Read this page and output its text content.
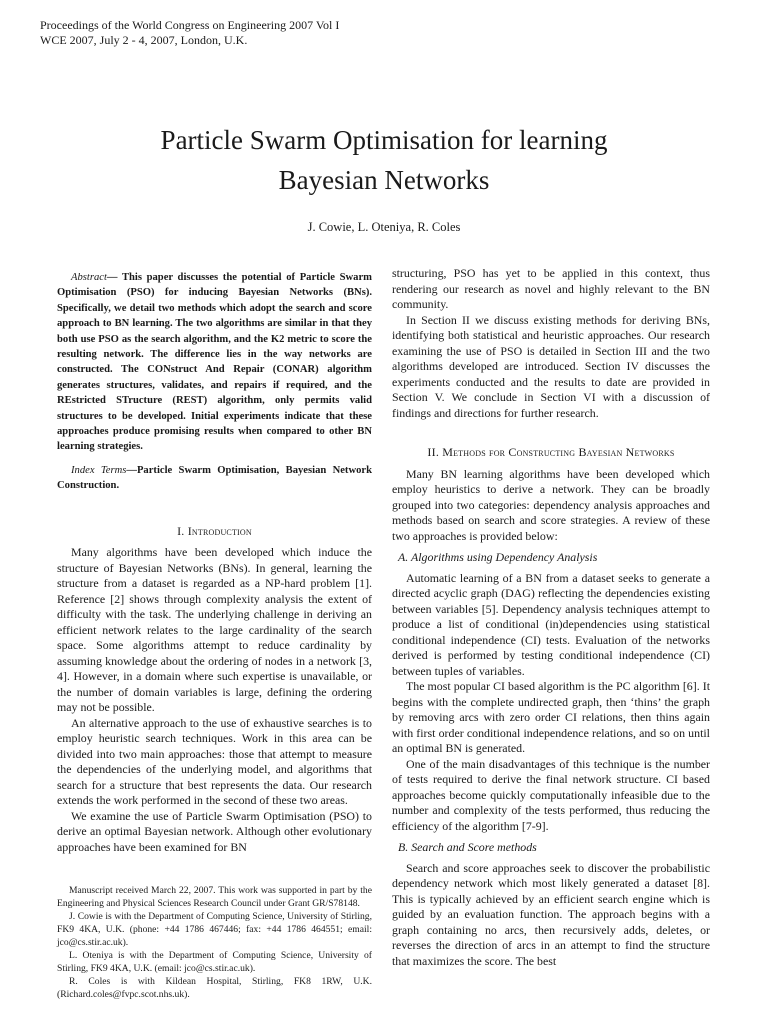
Proceedings of the World Congress on Engineering 2007 Vol I
WCE 2007, July 2 - 4, 2007, London, U.K.
Particle Swarm Optimisation for learning
Bayesian Networks
J. Cowie, L. Oteniya, R. Coles

Abstract— This paper discusses the potential of Particle Swarm Optimisation (PSO) for inducing Bayesian Networks (BNs). Specifically, we detail two methods which adopt the search and score approach to BN learning. The two algorithms are similar in that they both use PSO as the search algorithm, and the K2 metric to score the resulting network. The difference lies in the way networks are constructed. The CONstruct And Repair (CONAR) algorithm generates structures, validates, and repairs if required, and the REstricted STructure (REST) algorithm, only permits valid structures to be developed. Initial experiments indicate that these approaches produce promising results when compared to other BN learning strategies.

Index Terms—Particle Swarm Optimisation, Bayesian Network Construction.

I. Introduction

Many algorithms have been developed which induce the structure of Bayesian Networks (BNs). In general, learning the structure from a dataset is regarded as a NP-hard problem [1]. Reference [2] shows through complexity analysis the extent of difficulty with the task. The underlying challenge in deriving an efficient network relates to the large cardinality of the search space. Some algorithms attempt to reduce cardinality by assuming knowledge about the ordering of nodes in a network [3, 4]. However, in a domain where such expertise is unavailable, or the number of domain variables is large, defining the ordering may not be possible.

An alternative approach to the use of exhaustive searches is to employ heuristic search techniques. Work in this area can be divided into two main approaches: those that attempt to measure the dependencies of the underlying model, and algorithms that search for a structure that best represents the data. Our research extends the work performed in the second of these two areas.

We examine the use of Particle Swarm Optimisation (PSO) to derive an optimal Bayesian network. Although other evolutionary approaches have been examined for BN

Manuscript received March 22, 2007. This work was supported in part by the Engineering and Physical Sciences Research Council under Grant GR/S78148.

J. Cowie is with the Department of Computing Science, University of Stirling, FK9 4KA, U.K. (phone: +44 1786 467446; fax: +44 1786 464551; email: jco@cs.stir.ac.uk).

L. Oteniya is with the Department of Computing Science, University of Stirling, FK9 4KA, U.K. (email: jco@cs.stir.ac.uk).

R. Coles is with Kildean Hospital, Stirling, FK8 1RW, U.K. (Richard.coles@fvpc.scot.nhs.uk).

structuring, PSO has yet to be applied in this context, thus rendering our research as novel and highly relevant to the BN community.

In Section II we discuss existing methods for deriving BNs, identifying both statistical and heuristic approaches. Our research examining the use of PSO is detailed in Section III and the two algorithms developed are introduced. Section IV discusses the experiments conducted and the results to date are provided in Section V. We conclude in Section VI with a discussion of findings and directions for further research.

II. Methods for Constructing Bayesian Networks

Many BN learning algorithms have been developed which employ heuristics to derive a network. They can be broadly grouped into two categories: dependency analysis approaches and methods based on search and score strategies. A review of these two approaches is provided below:

A. Algorithms using Dependency Analysis

Automatic learning of a BN from a dataset seeks to generate a directed acyclic graph (DAG) reflecting the dependencies existing between variables [5]. Dependency analysis techniques attempt to produce a list of conditional (in)dependencies using statistical conditional independence (CI) tests. Evaluation of the networks derived is performed by testing conditional independence (CI) between tuples of variables.

The most popular CI based algorithm is the PC algorithm [6]. It begins with the complete undirected graph, then ‘thins’ the graph by removing arcs with zero order CI relations, then thins again with first order conditional independence relations, and so on until an optimal BN is generated.

One of the main disadvantages of this technique is the number of tests required to derive the final network structure. CI based approaches become quickly computationally infeasible due to the number and complexity of the tests performed, thus reducing the efficiency of the algorithm [7-9].

B. Search and Score methods

Search and score approaches seek to discover the probabilistic dependency network which most likely generated a dataset [8]. This is typically achieved by an efficient search engine which is guided by an evaluation function. The approach begins with a graph containing no arcs, then recursively adds, deletes, or reverses the direction of arcs in an attempt to find the structure that maximizes the score. The best
